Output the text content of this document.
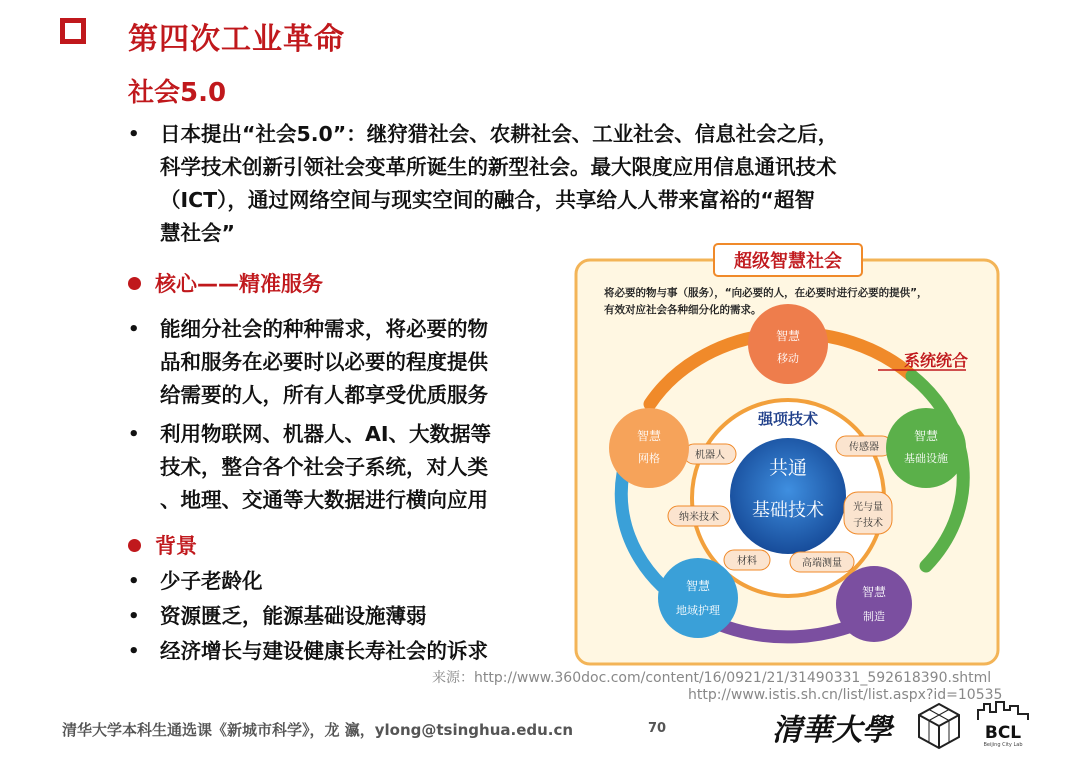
第四次工业革命
社会5.0
• 日本提出“社会5.0”：继狩猎社会、农耕社会、工业社会、信息社会之后，
科学技术创新引领社会变革所诞生的新型社会。最大限度应用信息通讯技术
（ICT），通过网络空间与现实空间的融合，共享给人人带来富裕的“超智
慧社会”
核心——精准服务
• 能细分社会的种种需求，将必要的物
品和服务在必要时以必要的程度提供
给需要的人，所有人都享受优质服务
• 利用物联网、机器人、AI、大数据等
技术，整合各个社会子系统，对人类
、地理、交通等大数据进行横向应用
背景
• 少子老龄化
• 资源匮乏，能源基础设施薄弱
• 经济增长与建设健康长寿社会的诉求
超级智慧社会
将必要的物与事（服务），“向必要的人，在必要时进行必要的提供”，
有效对应社会各种细分化的需求。
系统统合
强项技术
共通
基础技术
机器人
传感器
纳米技术
光与量
子技术
材料	高端测量
智慧
移动
智慧
网格
智慧
基础设施
智慧
地域护理
智慧
制造
来源：http://www.360doc.com/content/16/0921/21/31490331_592618390.shtml
http://www.istis.sh.cn/list/list.aspx?id=10535
清华大学本科生通选课《新城市科学》，龙 瀛，ylong@tsinghua.edu.cn	70	清華大學	BCL
Beijing City Lab
